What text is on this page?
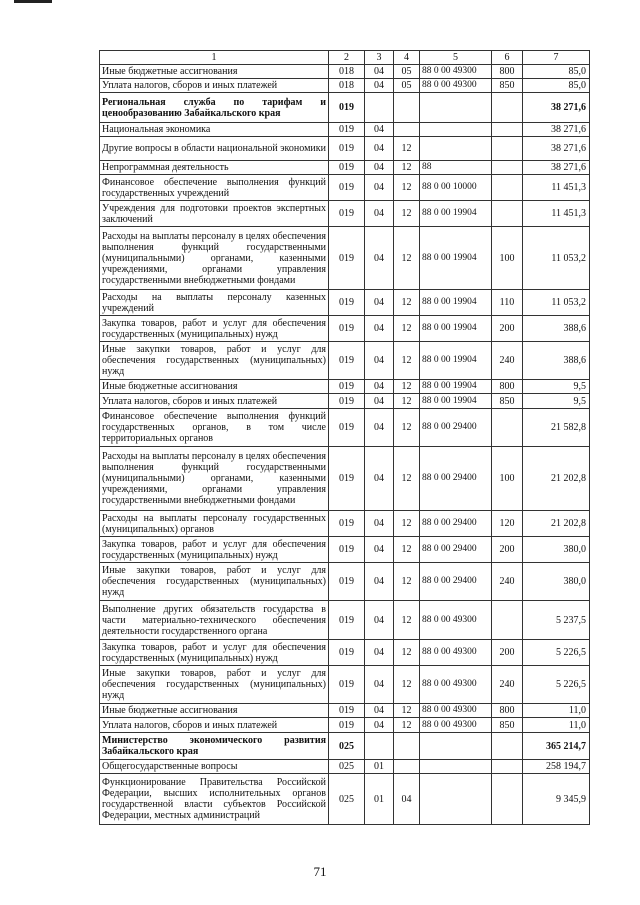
1	2	3	4	5	6	7
Иные бюджетные ассигнования	018	04	05	88 0 00 49300	800	85,0
Уплата налогов, сборов и иных платежей	018	04	05	88 0 00 49300	850	85,0
Региональная служба по тарифам и ценообразованию Забайкальского края	019					38 271,6
Национальная экономика	019	04				38 271,6
Другие вопросы в области национальной экономики	019	04	12			38 271,6
Непрограммная деятельность	019	04	12	88		38 271,6
Финансовое обеспечение выполнения функций государственных учреждений	019	04	12	88 0 00 10000		11 451,3
Учреждения для подготовки проектов экспертных заключений	019	04	12	88 0 00 19904		11 451,3
Расходы на выплаты персоналу в целях обеспечения выполнения функций государственными (муниципальными) органами, казенными учреждениями, органами управления государственными внебюджетными фондами	019	04	12	88 0 00 19904	100	11 053,2
Расходы на выплаты персоналу казенных учреждений	019	04	12	88 0 00 19904	110	11 053,2
Закупка товаров, работ и услуг для обеспечения государственных (муниципальных) нужд	019	04	12	88 0 00 19904	200	388,6
Иные закупки товаров, работ и услуг для обеспечения государственных (муниципальных) нужд	019	04	12	88 0 00 19904	240	388,6
Иные бюджетные ассигнования	019	04	12	88 0 00 19904	800	9,5
Уплата налогов, сборов и иных платежей	019	04	12	88 0 00 19904	850	9,5
Финансовое обеспечение выполнения функций государственных органов, в том числе территориальных органов	019	04	12	88 0 00 29400		21 582,8
Расходы на выплаты персоналу в целях обеспечения выполнения функций государственными (муниципальными) органами, казенными учреждениями, органами управления государственными внебюджетными фондами	019	04	12	88 0 00 29400	100	21 202,8
Расходы на выплаты персоналу государственных (муниципальных) органов	019	04	12	88 0 00 29400	120	21 202,8
Закупка товаров, работ и услуг для обеспечения государственных (муниципальных) нужд	019	04	12	88 0 00 29400	200	380,0
Иные закупки товаров, работ и услуг для обеспечения государственных (муниципальных) нужд	019	04	12	88 0 00 29400	240	380,0
Выполнение других обязательств государства в части материально-технического обеспечения деятельности государственного органа	019	04	12	88 0 00 49300		5 237,5
Закупка товаров, работ и услуг для обеспечения государственных (муниципальных) нужд	019	04	12	88 0 00 49300	200	5 226,5
Иные закупки товаров, работ и услуг для обеспечения государственных (муниципальных) нужд	019	04	12	88 0 00 49300	240	5 226,5
Иные бюджетные ассигнования	019	04	12	88 0 00 49300	800	11,0
Уплата налогов, сборов и иных платежей	019	04	12	88 0 00 49300	850	11,0
Министерство экономического развития Забайкальского края	025					365 214,7
Общегосударственные вопросы	025	01				258 194,7
Функционирование Правительства Российской Федерации, высших исполнительных органов государственной власти субъектов Российской Федерации, местных администраций	025	01	04			9 345,9
71
